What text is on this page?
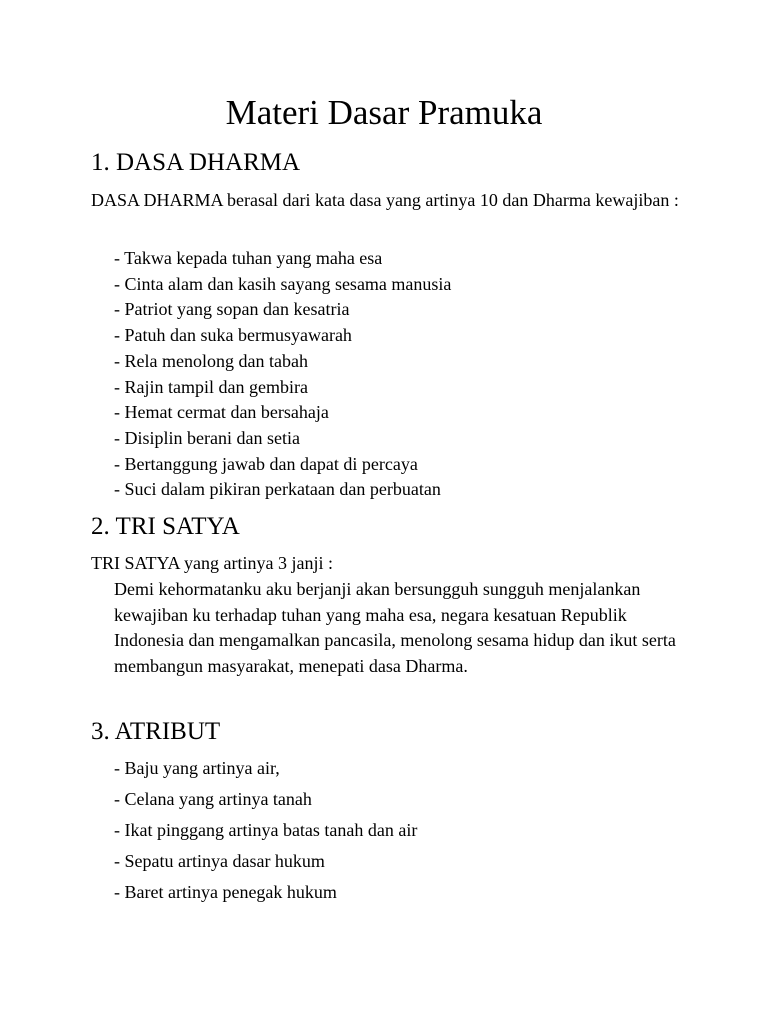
Materi Dasar Pramuka
1. DASA DHARMA

DASA DHARMA berasal dari kata dasa yang artinya 10 dan Dharma kewajiban :

- Takwa kepada tuhan yang maha esa
- Cinta alam dan kasih sayang sesama manusia
- Patriot yang sopan dan kesatria
- Patuh dan suka bermusyawarah
- Rela menolong dan tabah
- Rajin tampil dan gembira
- Hemat cermat dan bersahaja
- Disiplin berani dan setia
- Bertanggung jawab dan dapat di percaya
- Suci dalam pikiran perkataan dan perbuatan
2. TRI SATYA

TRI SATYA yang artinya 3 janji :

Demi kehormatanku aku berjanji akan bersungguh sungguh menjalankan kewajiban ku terhadap tuhan yang maha esa, negara kesatuan Republik Indonesia dan mengamalkan pancasila, menolong sesama hidup dan ikut serta membangun masyarakat, menepati dasa Dharma.

3. ATRIBUT
- Baju yang artinya air,
- Celana yang artinya tanah
- Ikat pinggang artinya batas tanah dan air
- Sepatu artinya dasar hukum
- Baret artinya penegak hukum
